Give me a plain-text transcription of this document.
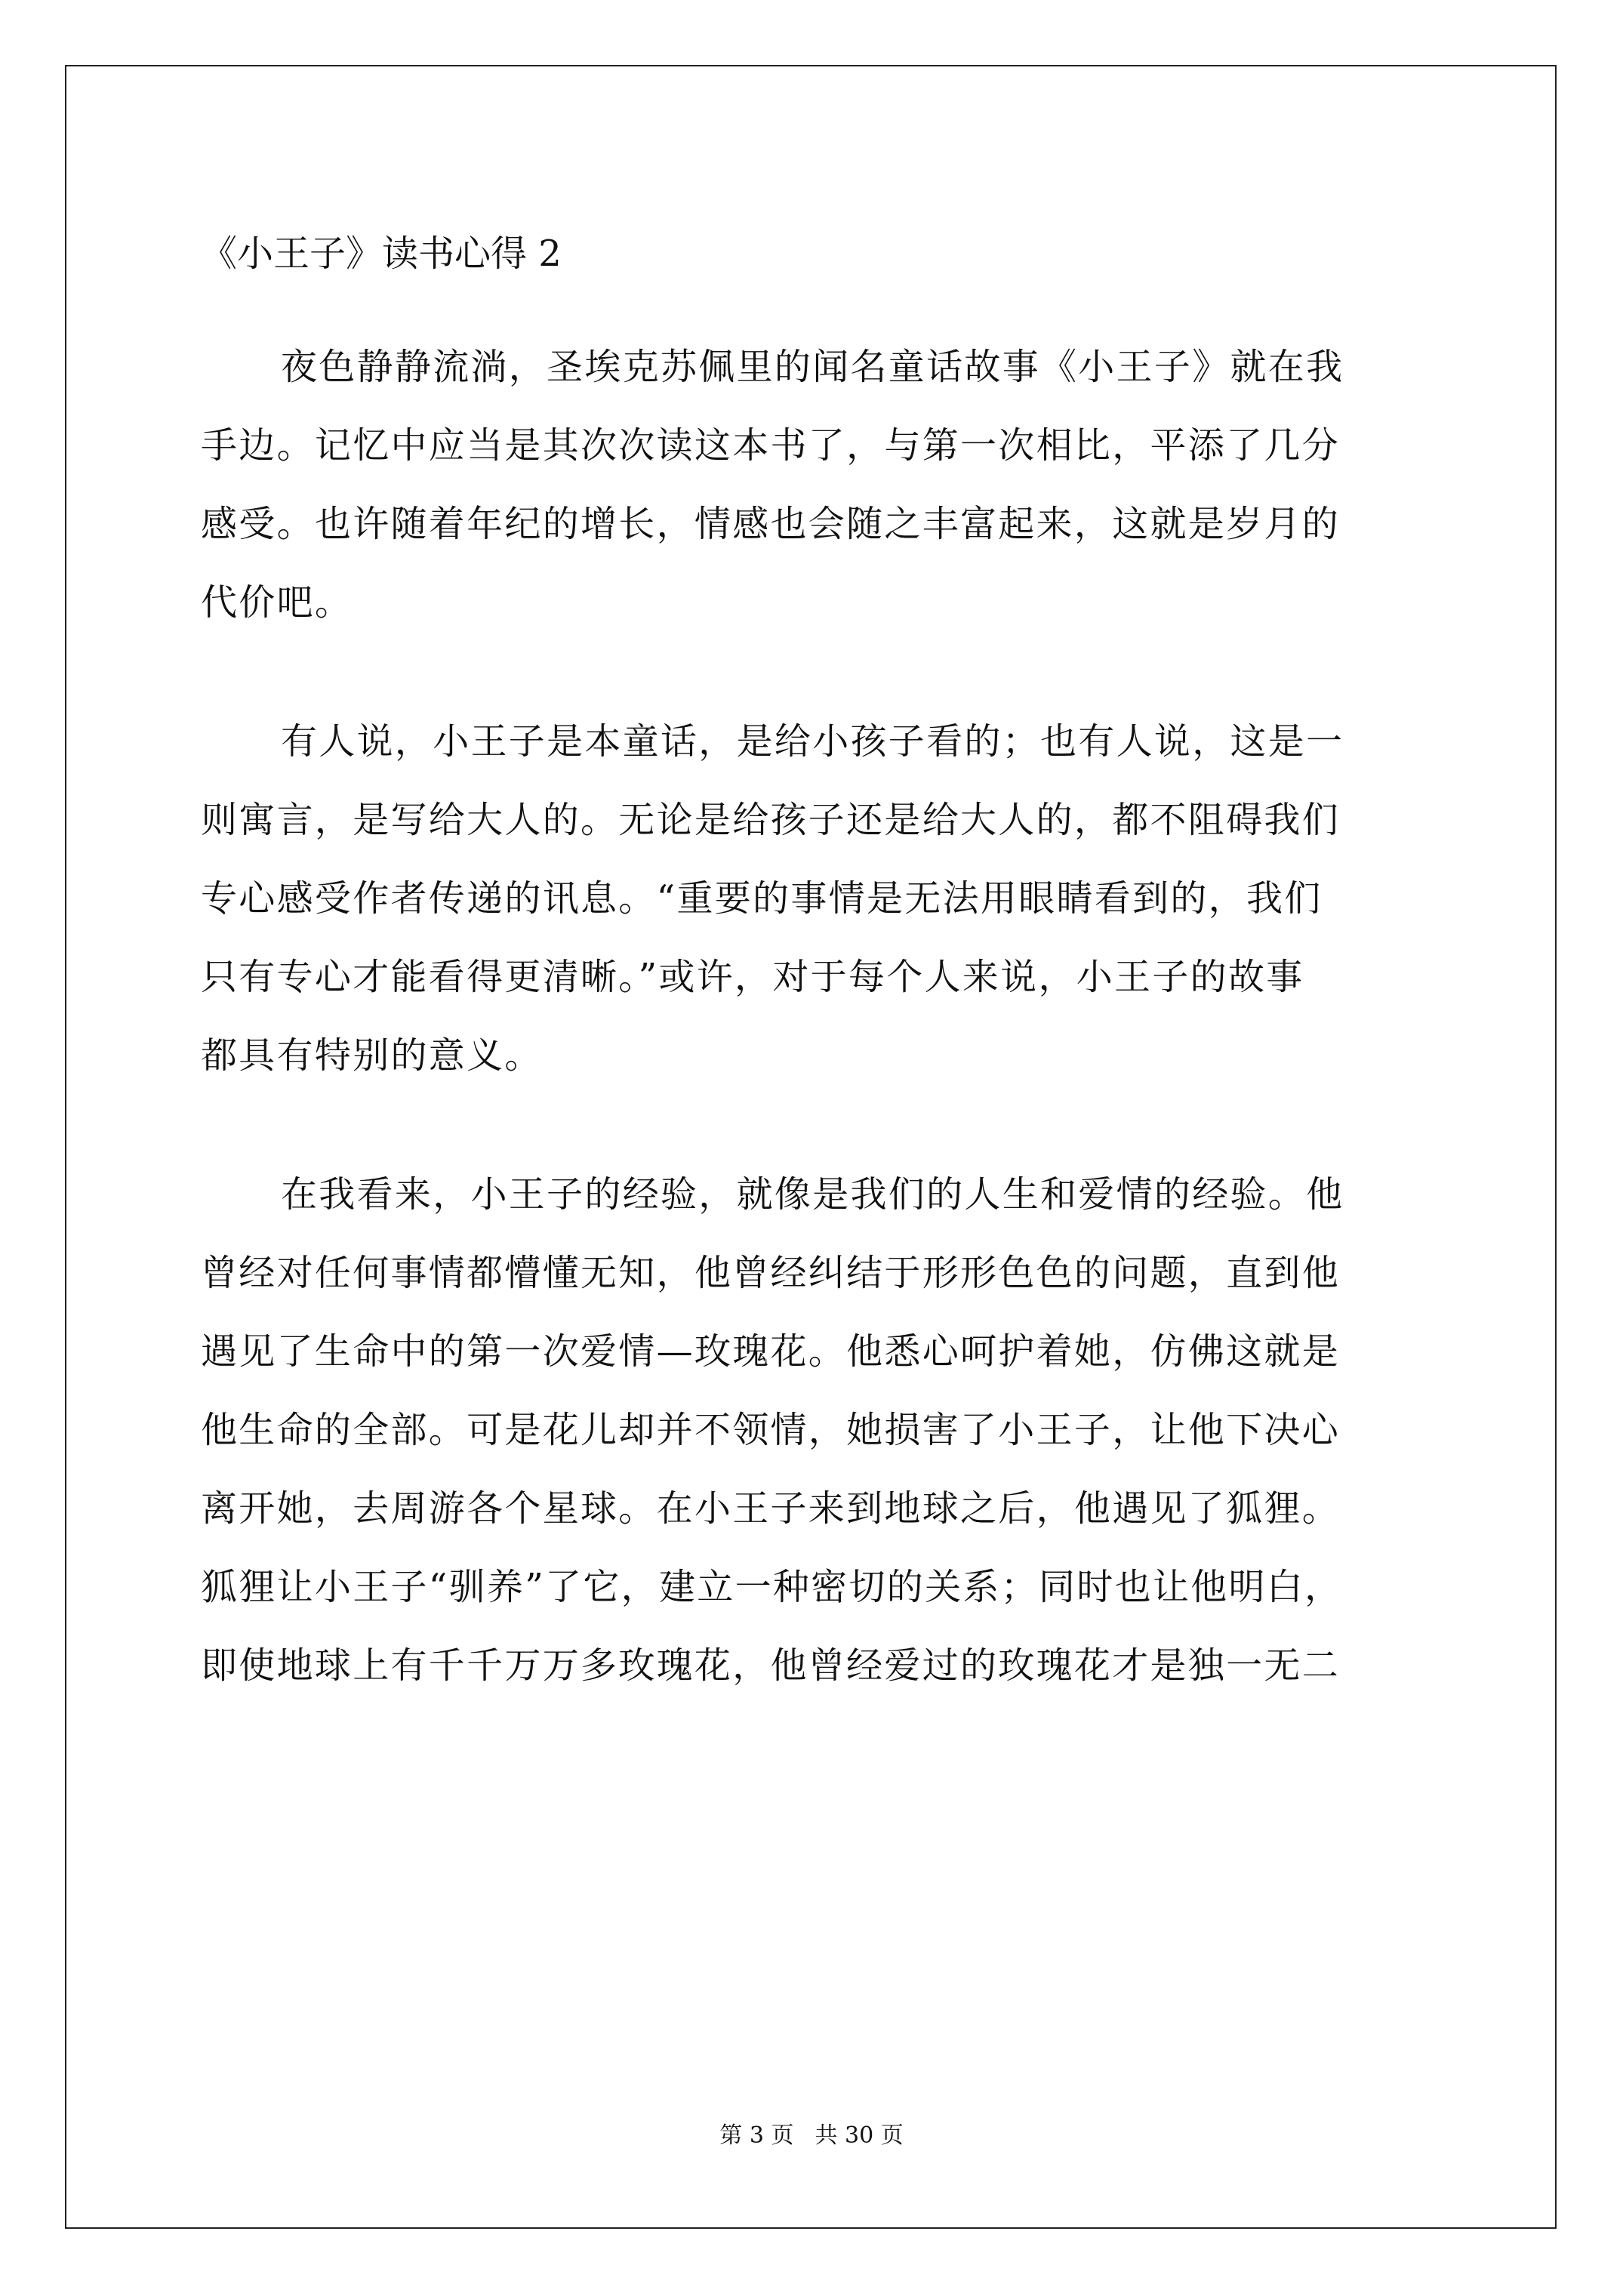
《小王子》读书心得 2
夜色静静流淌，圣埃克苏佩里的闻名童话故事《小王子》就在我
手边。记忆中应当是其次次读这本书了，与第一次相比，平添了几分
感受。也许随着年纪的增长，情感也会随之丰富起来，这就是岁月的
代价吧。
有人说，小王子是本童话，是给小孩子看的；也有人说，这是一
则寓言，是写给大人的。无论是给孩子还是给大人的，都不阻碍我们
专心感受作者传递的讯息。“重要的事情是无法用眼睛看到的，我们
只有专心才能看得更清晰。”或许，对于每个人来说，小王子的故事
都具有特别的意义。
在我看来，小王子的经验，就像是我们的人生和爱情的经验。他
曾经对任何事情都懵懂无知，他曾经纠结于形形色色的问题，直到他
遇见了生命中的第一次爱情—玫瑰花。他悉心呵护着她，仿佛这就是
他生命的全部。可是花儿却并不领情，她损害了小王子，让他下决心
离开她，去周游各个星球。在小王子来到地球之后，他遇见了狐狸。
狐狸让小王子“驯养”了它，建立一种密切的关系；同时也让他明白，
即使地球上有千千万万多玫瑰花，他曾经爱过的玫瑰花才是独一无二
第 3 页 共 30 页
